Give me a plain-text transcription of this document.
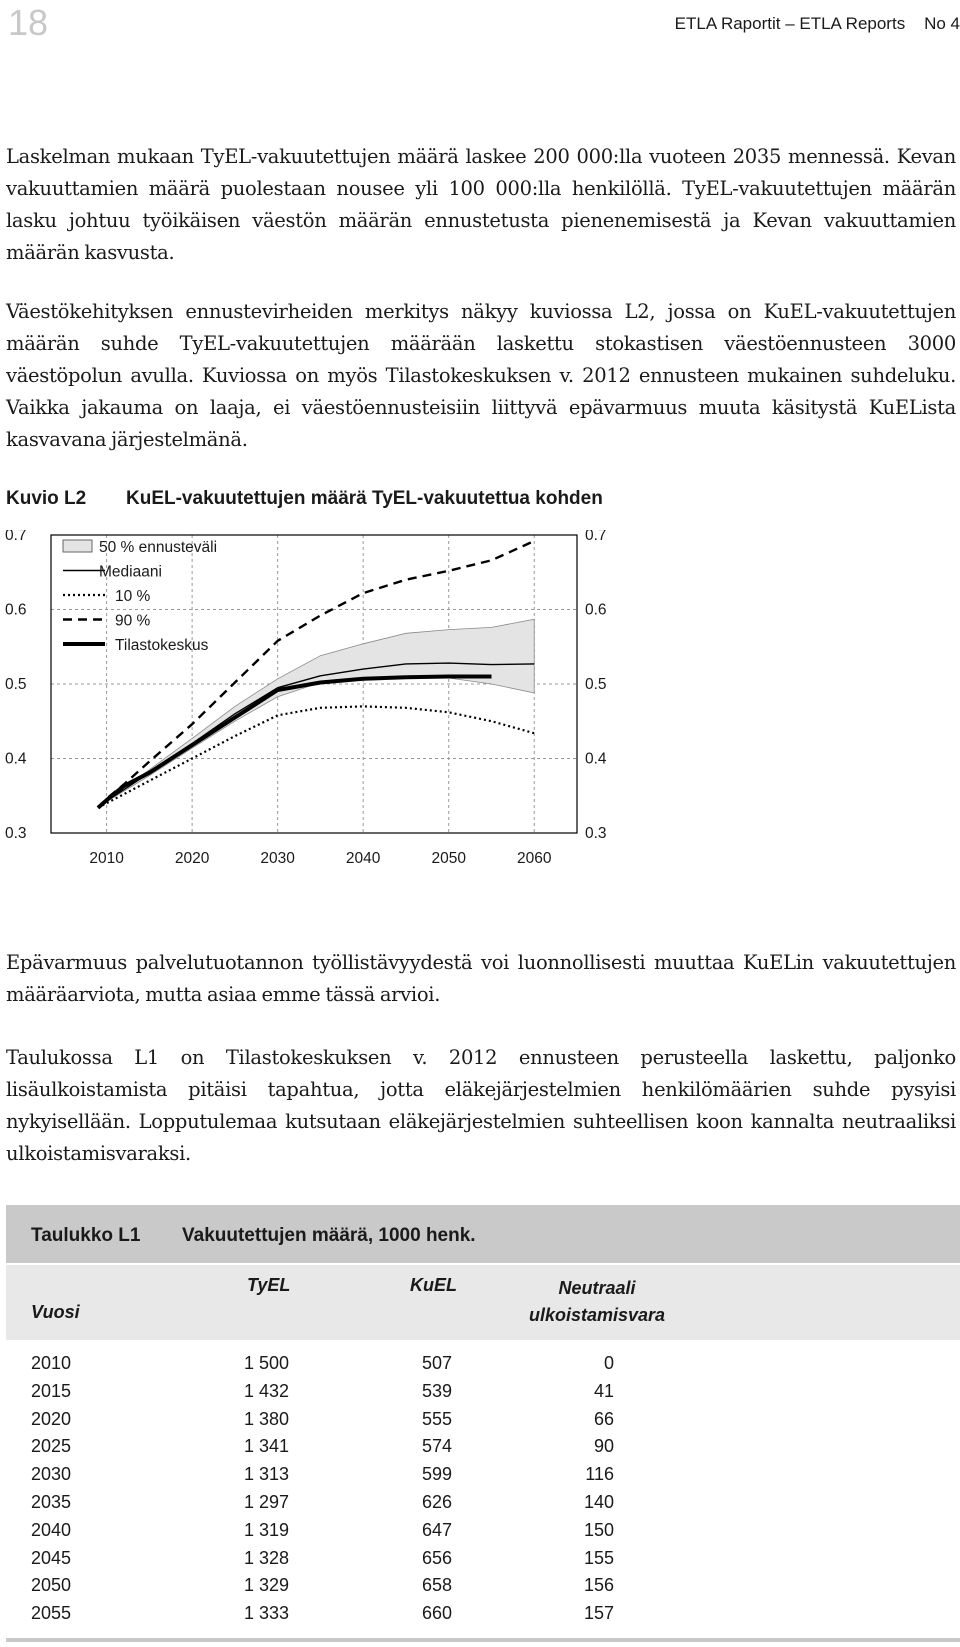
18	ETLA Raportit – ETLA Reports    No 4

Laskelman mukaan TyEL-vakuutettujen määrä laskee 200 000:lla vuoteen 2035 mennessä. Kevan vakuuttamien määrä puolestaan nousee yli 100 000:lla henkilöllä. TyEL-vakuutettujen määrän lasku johtuu työikäisen väestön määrän ennustetusta pienenemisestä ja Kevan vakuuttamien määrän kasvusta.

Väestökehityksen ennustevirheiden merkitys näkyy kuviossa L2, jossa on KuEL-vakuutettujen määrän suhde TyEL-vakuutettujen määrään laskettu stokastisen väestöennusteen 3000 väestöpolun avulla. Kuviossa on myös Tilastokeskuksen v. 2012 ennusteen mukainen suhdeluku. Vaikka jakauma on laaja, ei väestöennusteisiin liittyvä epävarmuus muuta käsitystä KuELista kasvavana järjestelmänä.

Kuvio L2 KuEL-vakuutettujen määrä TyEL-vakuutettua kohden
0.3	0.3
0.4	0.4
0.5	0.5
0.6	0.6
0.7	0.7
2010	2020	2030	2040	2050	2060
50 % ennusteväli
Mediaani
10 %
90 %
Tilastokeskus

Epävarmuus palvelutuotannon työllistävyydestä voi luonnollisesti muuttaa KuELin vakuutettujen määräarviota, mutta asiaa emme tässä arvioi.

Taulukossa L1 on Tilastokeskuksen v. 2012 ennusteen perusteella laskettu, paljonko lisäulkoistamista pitäisi tapahtua, jotta eläkejärjestelmien henkilömäärien suhde pysyisi nykyisellään. Lopputulemaa kutsutaan eläkejärjestelmien suhteellisen koon kannalta neutraaliksi ulkoistamisvaraksi.

Taulukko L1 Vakuutettujen määrä, 1000 henk.
Vuosi
TyEL	KuEL	Neutraali
ulkoistamisvara
2010	1 500	507	0
2015	1 432	539	41
2020	1 380	555	66
2025	1 341	574	90
2030	1 313	599	116
2035	1 297	626	140
2040	1 319	647	150
2045	1 328	656	155
2050	1 329	658	156
2055	1 333	660	157
